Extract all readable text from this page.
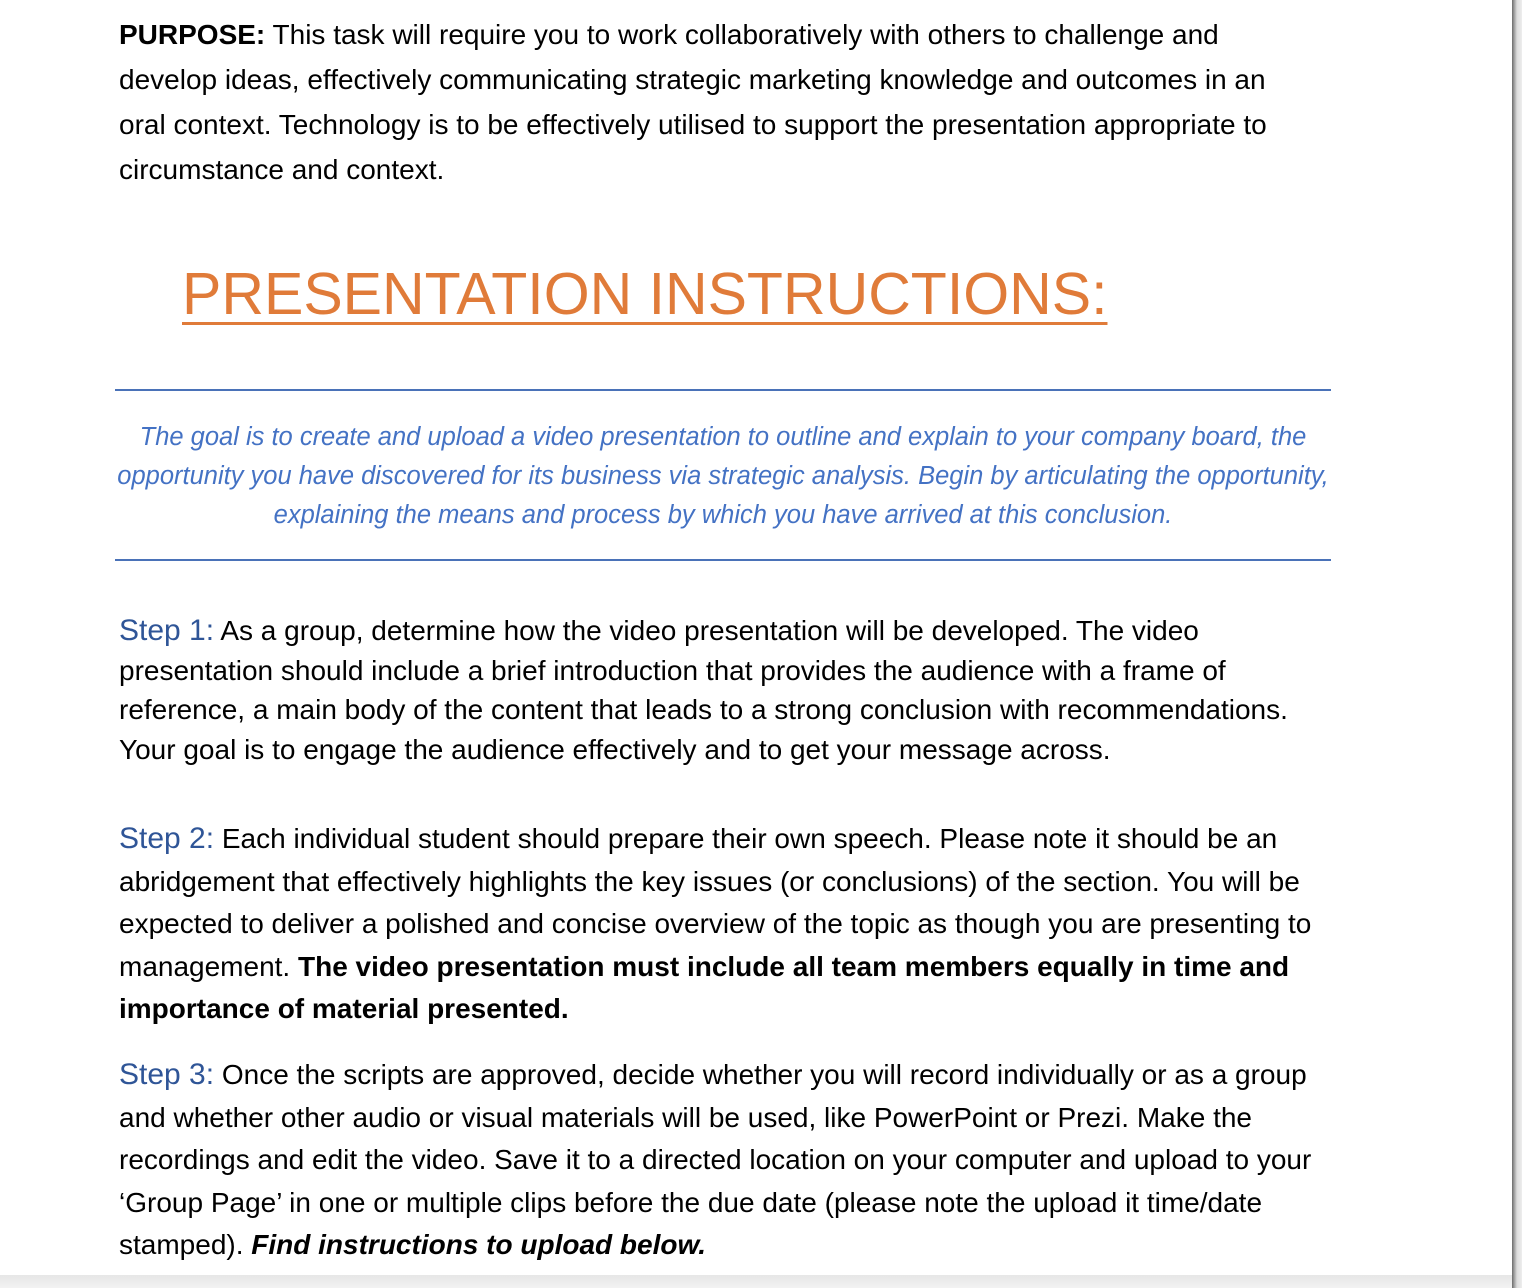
PURPOSE: This task will require you to work collaboratively with others to challenge and develop ideas, effectively communicating strategic marketing knowledge and outcomes in an oral context. Technology is to be effectively utilised to support the presentation appropriate to circumstance and context.

PRESENTATION INSTRUCTIONS:

The goal is to create and upload a video presentation to outline and explain to your company board, the opportunity you have discovered for its business via strategic analysis. Begin by articulating the opportunity, explaining the means and process by which you have arrived at this conclusion.

Step 1: As a group, determine how the video presentation will be developed. The video presentation should include a brief introduction that provides the audience with a frame of reference, a main body of the content that leads to a strong conclusion with recommendations. Your goal is to engage the audience effectively and to get your message across.

Step 2: Each individual student should prepare their own speech. Please note it should be an abridgement that effectively highlights the key issues (or conclusions) of the section. You will be expected to deliver a polished and concise overview of the topic as though you are presenting to management. The video presentation must include all team members equally in time and importance of material presented.

Step 3: Once the scripts are approved, decide whether you will record individually or as a group and whether other audio or visual materials will be used, like PowerPoint or Prezi. Make the recordings and edit the video. Save it to a directed location on your computer and upload to your ‘Group Page’ in one or multiple clips before the due date (please note the upload it time/date stamped). Find instructions to upload below.
